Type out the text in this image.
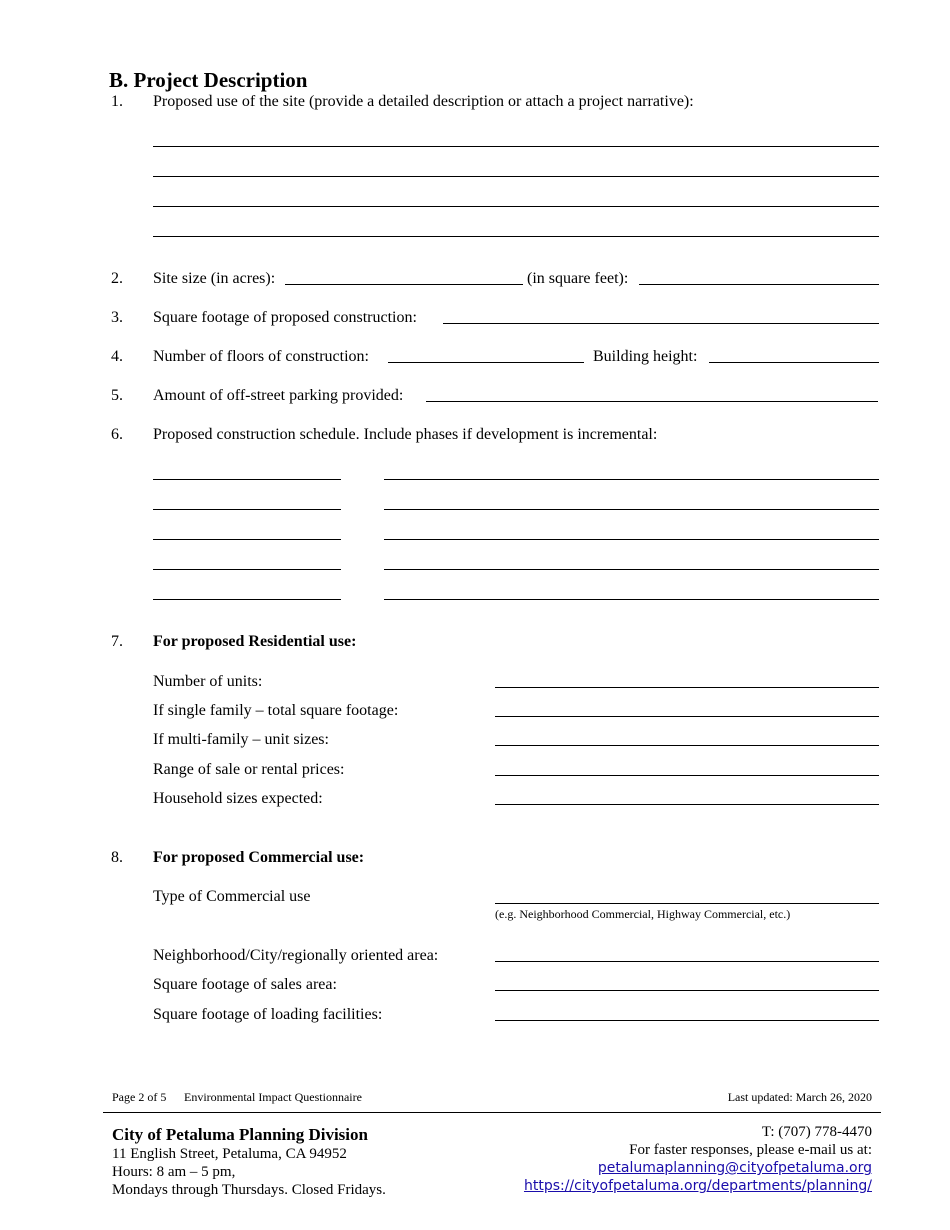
B. Project Description
1. Proposed use of the site (provide a detailed description or attach a project narrative):
2. Site size (in acres):	(in square feet):
3. Square footage of proposed construction:
4. Number of floors of construction:	Building height:
5. Amount of off-street parking provided:
6. Proposed construction schedule. Include phases if development is incremental:
7. For proposed Residential use:
Number of units:
If single family – total square footage:
If multi-family – unit sizes:
Range of sale or rental prices:
Household sizes expected:
8. For proposed Commercial use:
Type of Commercial use
(e.g. Neighborhood Commercial, Highway Commercial, etc.)
Neighborhood/City/regionally oriented area:
Square footage of sales area:
Square footage of loading facilities:
Page 2 of 5 Environmental Impact Questionnaire	Last updated: March 26, 2020
City of Petaluma Planning Division
11 English Street, Petaluma, CA 94952
Hours: 8 am – 5 pm,
Mondays through Thursdays. Closed Fridays.
T: (707) 778-4470
For faster responses, please e-mail us at:
petalumaplanning@cityofpetaluma.org
https://cityofpetaluma.org/departments/planning/
